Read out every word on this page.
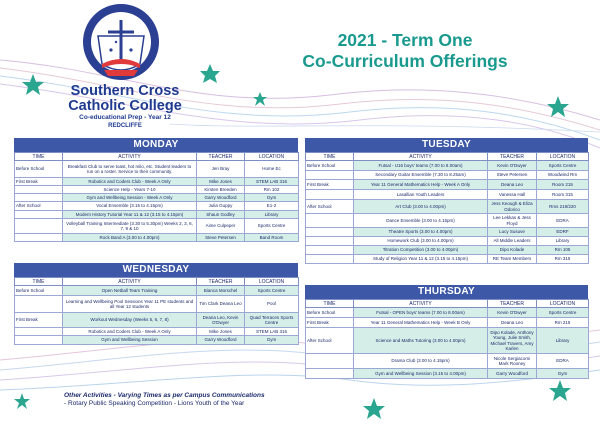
Southern Cross
Catholic College
Co-educational Prep - Year 12
REDCLIFFE
2021 - Term One
Co-Curriculum Offerings
MONDAY
TIME	ACTIVITY	TEACHER	LOCATION
Before School	Breakfast Club to serve toast, hot milo, etc. Student leaders to run on a roster. Service to their community.	Jen Bray	Home Ec
First Break	Robotics and Coders Club - Week A Only	Mike Jones	STEM LAB 316
	Science Help - Years 7-10	Kirsten Breeden	Rm 102
	Gym and Wellbeing Session - Week A Only	Garry Woodford	Gym
After School	Vocal Ensemble (3.15 to 4.15pm)	Julia Guppy	E1-2
	Modern History Tutorial Year 11 & 12 (3.15 to 4.15pm)	Shaun Godley	Library
	Volleyball Training Intermediate (3.30 to 5.30pm) Weeks 2, 3, 6, 7, 9 & 10	Aime Culpeper	Sports Centre
	Rock Band A (3.00 to 4.00pm)	Steve Petersen	Band Room
WEDNESDAY
TIME	ACTIVITY	TEACHER	LOCATION
Before School	Open Netball Team Training	Bianca Morschel	Sports Centre
	Learning and Wellbeing Pool Sessions Year 11 PE students and all Year 12 students	Tim Clark Deana Leo	Pool
First Break	Workout Wednesday (Weeks 5, 6, 7, 8)	Deana Leo, Kevin O'Dwyer	Quad Terraces Sports Centre
	Robotics and Coders Club - Week A Only	Mike Jones	STEM LAB 316
	Gym and Wellbeing Session	Garry Woodford	Gym
TUESDAY
TIME	ACTIVITY	TEACHER	LOCATION
Before School	Futsal - U16 boys' teams (7.00 to 8.00am)	Kevin O'Dwyer	Sports Centre
	Secondary Guitar Ensemble (7.30 to 8.25am)	Steve Petersen	Woodwind Rm
First Break	Year 11 General Mathematics Help - Week A Only	Deana Leo	Room 215
	Lasallian Youth Leaders	Vanessa Hall	Room 315
After School	Art Club (3.00 to 4.00pm)	Jess Keough & Eliza Odorico	Rms 219/220
	Dance Ensemble (3.00 to 4.15pm)	Lee Lekkas & Jess Floyd	EDRA
	Theatre Sports (3.00 to 4.00pm)	Lucy Susuve	EDRF
	Homework Club (3.00 to 4.00pm)	All Middle Leaders	Library
	Titration Competition (3.00 to 4.00pm)	Dipo Kolade	Rm 105
	Study of Religion Year 11 & 12 (3.15 to 4.15pm)	RE Team Members	Rm 315
THURSDAY
TIME	ACTIVITY	TEACHER	LOCATION
Before School	Futsal - OPEN boys' teams (7.00 to 8.00am)	Kevin O'Dwyer	Sports Centre
First Break	Year 11 General Mathematics Help - Week B Only	Deana Leo	Rm 215
After School	Science and Maths Tutoring (3.00 to 4.00pm)	Dipo Kolade, Anthony Young, Julie Smith, Michael Travers, Amy Karlen	Library
	Drama Club (3.00 to 4.15pm)	Nicole Sergiacomi Mark Rooney	EDRA
	Gym and Wellbeing Session (3.15 to 4.00pm)	Garry Woodford	Gym
Other Activities - Varying Times as per Campus Communications
- Rotary Public Speaking Competition - Lions Youth of the Year
